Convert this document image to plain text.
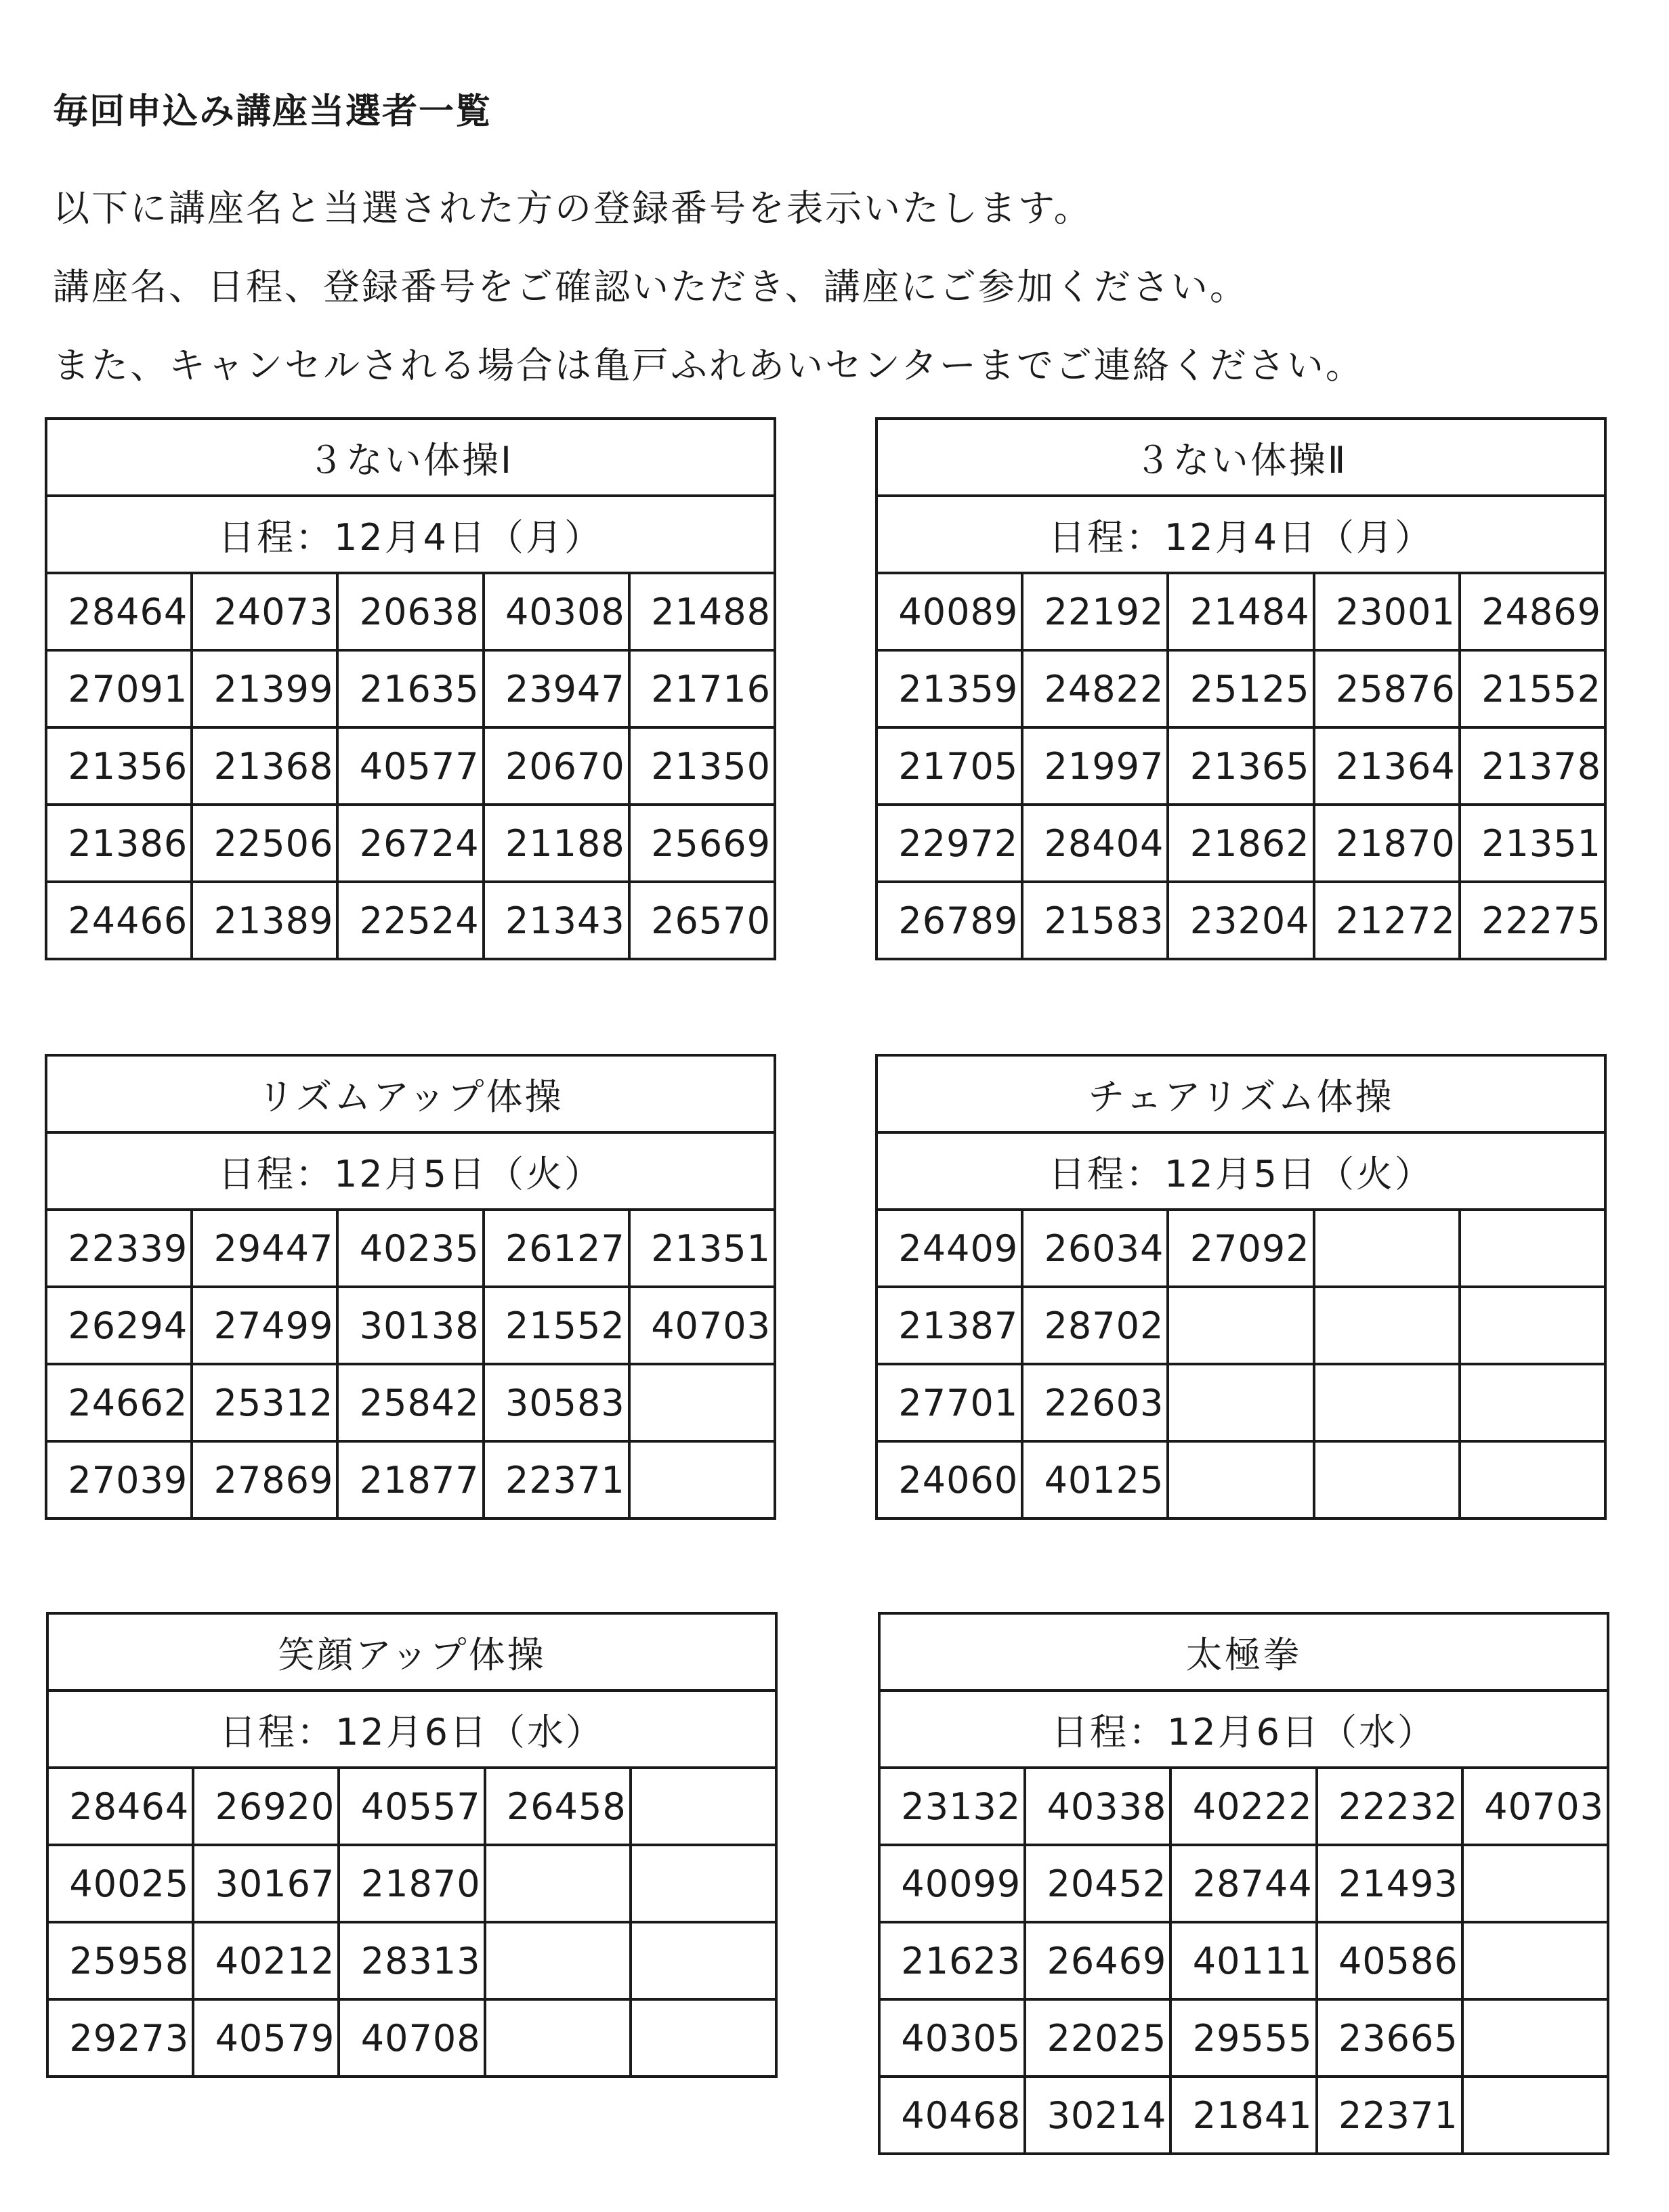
毎回申込み講座当選者一覧
以下に講座名と当選された方の登録番号を表示いたします。
講座名、日程、登録番号をご確認いただき、講座にご参加ください。
また、キャンセルされる場合は亀戸ふれあいセンターまでご連絡ください。
３ない体操Ⅰ				
日程：12月4日（月）				
28464	24073	20638	40308	21488
27091	21399	21635	23947	21716
21356	21368	40577	20670	21350
21386	22506	26724	21188	25669
24466	21389	22524	21343	26570
３ない体操Ⅱ				
日程：12月4日（月）				
40089	22192	21484	23001	24869
21359	24822	25125	25876	21552
21705	21997	21365	21364	21378
22972	28404	21862	21870	21351
26789	21583	23204	21272	22275
リズムアップ体操				
日程：12月5日（火）				
22339	29447	40235	26127	21351
26294	27499	30138	21552	40703
24662	25312	25842	30583	
27039	27869	21877	22371	
チェアリズム体操				
日程：12月5日（火）				
24409	26034	27092		
21387	28702			
27701	22603			
24060	40125			
笑顔アップ体操				
日程：12月6日（水）				
28464	26920	40557	26458	
40025	30167	21870		
25958	40212	28313		
29273	40579	40708		
太極拳				
日程：12月6日（水）				
23132	40338	40222	22232	40703
40099	20452	28744	21493	
21623	26469	40111	40586	
40305	22025	29555	23665	
40468	30214	21841	22371	
